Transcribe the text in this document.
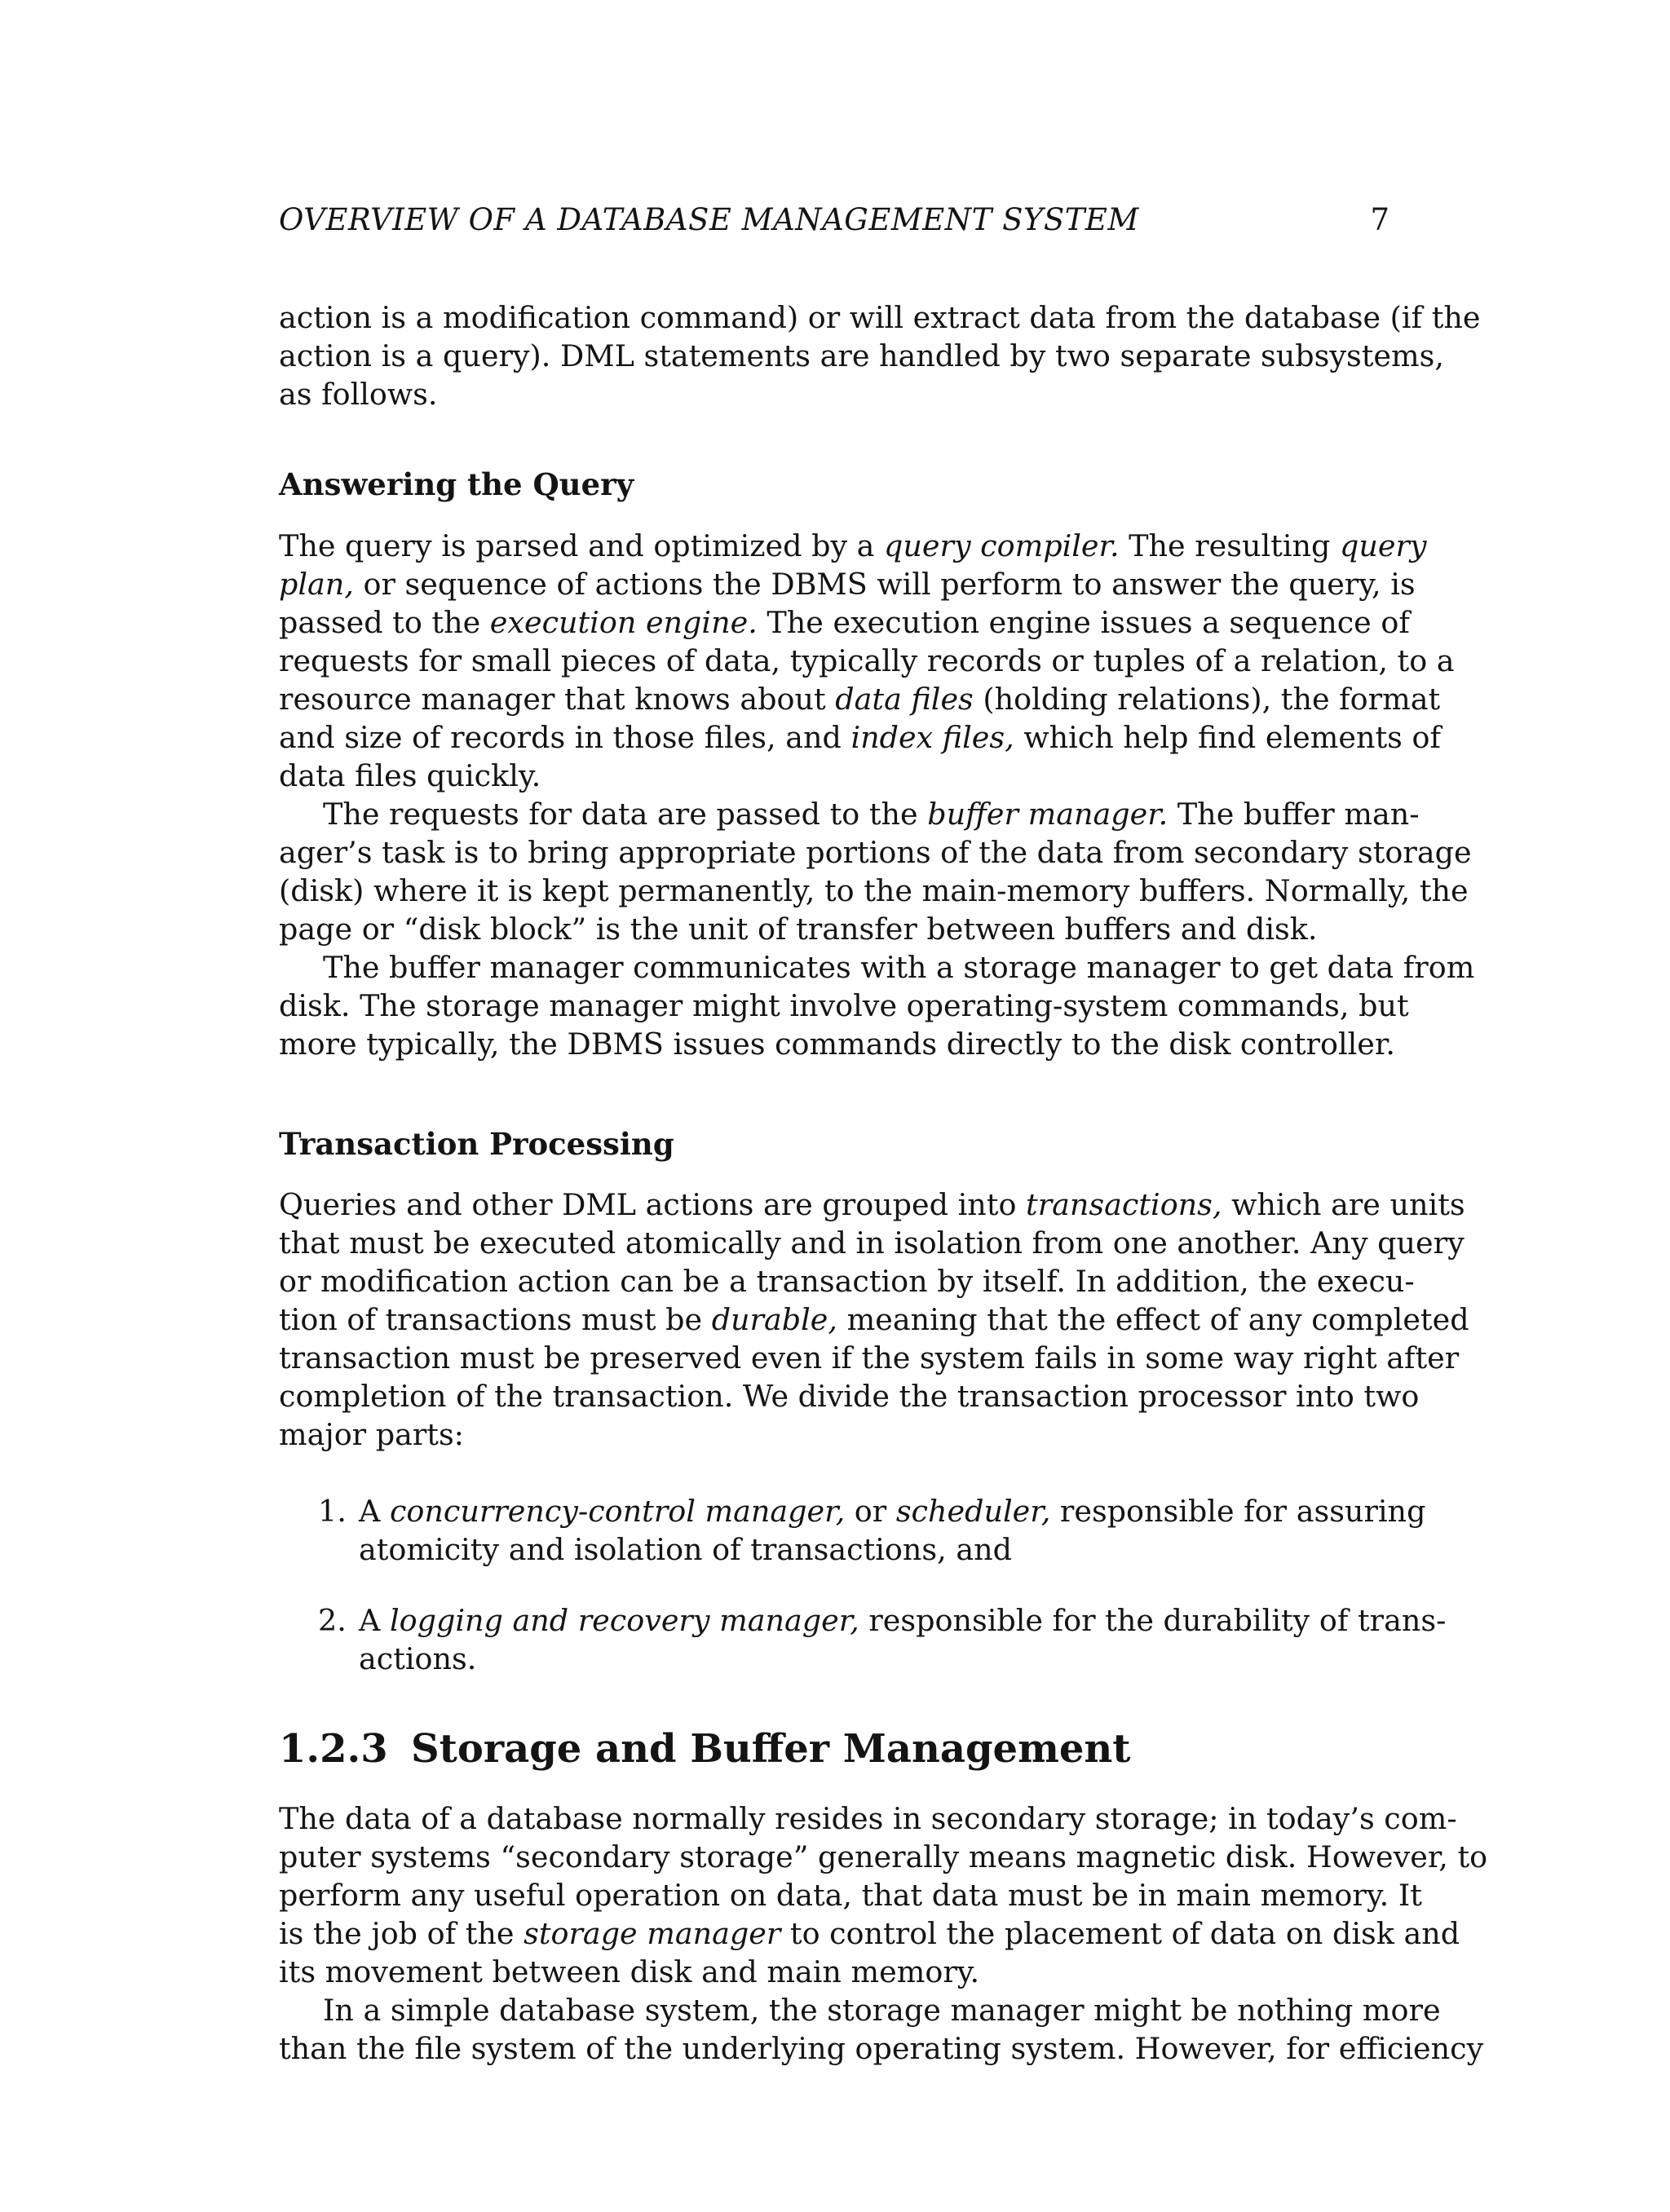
OVERVIEW OF A DATABASE MANAGEMENT SYSTEM	7
action is a modification command) or will extract data from the database (if the
action is a query). DML statements are handled by two separate subsystems,
as follows.
Answering the Query
The query is parsed and optimized by a query compiler. The resulting query
plan, or sequence of actions the DBMS will perform to answer the query, is
passed to the execution engine. The execution engine issues a sequence of
requests for small pieces of data, typically records or tuples of a relation, to a
resource manager that knows about data files (holding relations), the format
and size of records in those files, and index files, which help find elements of
data files quickly.
The requests for data are passed to the buffer manager. The buffer man-
ager’s task is to bring appropriate portions of the data from secondary storage
(disk) where it is kept permanently, to the main-memory buffers. Normally, the
page or “disk block” is the unit of transfer between buffers and disk.
The buffer manager communicates with a storage manager to get data from
disk. The storage manager might involve operating-system commands, but
more typically, the DBMS issues commands directly to the disk controller.
Transaction Processing
Queries and other DML actions are grouped into transactions, which are units
that must be executed atomically and in isolation from one another. Any query
or modification action can be a transaction by itself. In addition, the execu-
tion of transactions must be durable, meaning that the effect of any completed
transaction must be preserved even if the system fails in some way right after
completion of the transaction. We divide the transaction processor into two
major parts:
1. A concurrency-control manager, or scheduler, responsible for assuring
atomicity and isolation of transactions, and
2. A logging and recovery manager, responsible for the durability of trans-
actions.
1.2.3 Storage and Buffer Management
The data of a database normally resides in secondary storage; in today’s com-
puter systems “secondary storage” generally means magnetic disk. However, to
perform any useful operation on data, that data must be in main memory. It
is the job of the storage manager to control the placement of data on disk and
its movement between disk and main memory.
In a simple database system, the storage manager might be nothing more
than the file system of the underlying operating system. However, for efficiency
